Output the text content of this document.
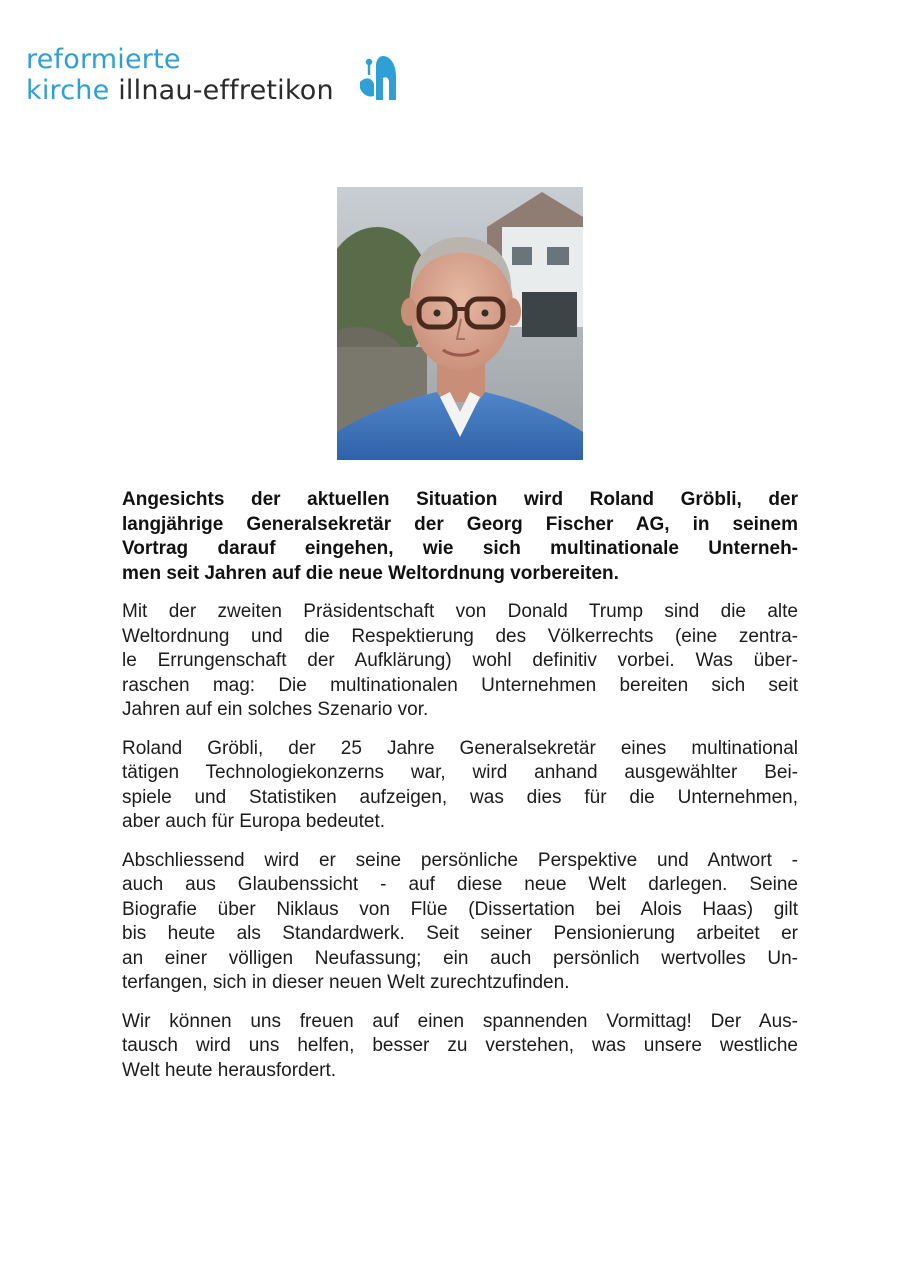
reformierte
kirche illnau-effretikon

Angesichts der aktuellen Situation wird Roland Gröbli, der
langjährige Generalsekretär der Georg Fischer AG, in seinem
Vortrag darauf eingehen, wie sich multinationale Unterneh-
men seit Jahren auf die neue Weltordnung vorbereiten.

Mit der zweiten Präsidentschaft von Donald Trump sind die alte
Weltordnung und die Respektierung des Völkerrechts (eine zentra-
le Errungenschaft der Aufklärung) wohl definitiv vorbei. Was über-
raschen mag: Die multinationalen Unternehmen bereiten sich seit
Jahren auf ein solches Szenario vor.

Roland Gröbli, der 25 Jahre Generalsekretär eines multinational
tätigen Technologiekonzerns war, wird anhand ausgewählter Bei-
spiele und Statistiken aufzeigen, was dies für die Unternehmen,
aber auch für Europa bedeutet.

Abschliessend wird er seine persönliche Perspektive und Antwort -
auch aus Glaubenssicht - auf diese neue Welt darlegen. Seine
Biografie über Niklaus von Flüe (Dissertation bei Alois Haas) gilt
bis heute als Standardwerk. Seit seiner Pensionierung arbeitet er
an einer völligen Neufassung; ein auch persönlich wertvolles Un-
terfangen, sich in dieser neuen Welt zurechtzufinden.

Wir können uns freuen auf einen spannenden Vormittag! Der Aus-
tausch wird uns helfen, besser zu verstehen, was unsere westliche
Welt heute herausfordert.
